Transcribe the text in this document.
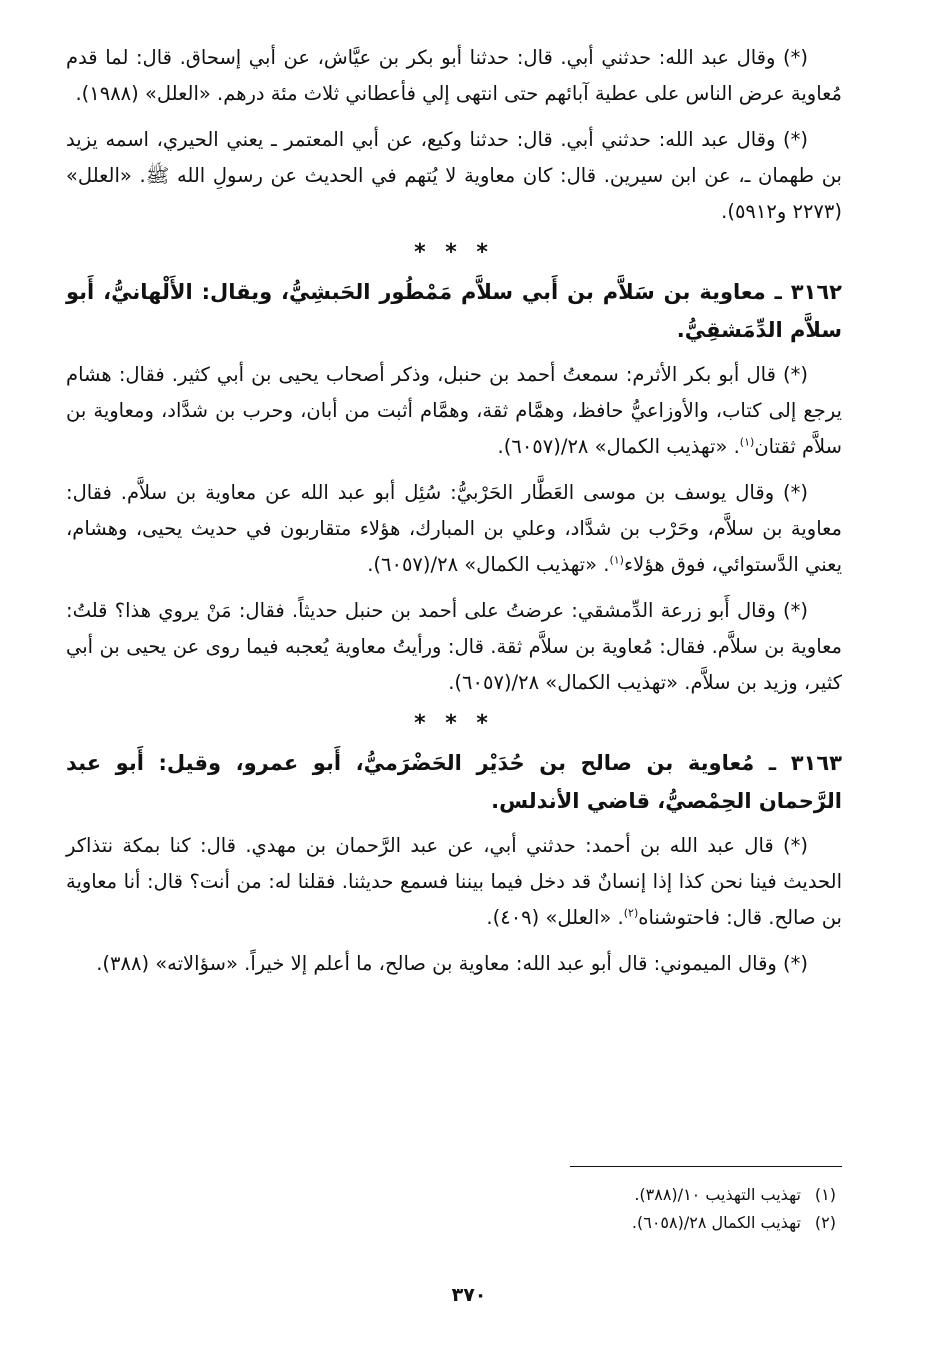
(*) وقال عبد الله: حدثني أبي. قال: حدثنا أبو بكر بن عيَّاش، عن أبي إسحاق. قال: لما قدم مُعاوية عرض الناس على عطية آبائهم حتى انتهى إلي فأعطاني ثلاث مئة درهم. «العلل» (١٩٨٨).

(*) وقال عبد الله: حدثني أبي. قال: حدثنا وكيع، عن أبي المعتمر ـ يعني الحيري، اسمه يزيد بن طهمان ـ، عن ابن سيرين. قال: كان معاوية لا يُتهم في الحديث عن رسولِ الله ﷺ. «العلل» (٢٢٧٣ و٥٩١٢).

* * *
٣١٦٢ ـ معاوية بن سَلاَّم بن أَبي سلاَّم مَمْطُور الحَبشِيُّ، ويقال: الأَلْهانيُّ، أَبو سلاَّم الدِّمَشقِيُّ.

(*) قال أبو بكر الأثرم: سمعتُ أحمد بن حنبل، وذكر أصحاب يحيى بن أبي كثير. فقال: هشام يرجع إلى كتاب، والأوزاعيُّ حافظ، وهمَّام ثقة، وهمَّام أثبت من أبان، وحرب بن شدَّاد، ومعاوية بن سلاَّم ثقتان$^{(١)}$. «تهذيب الكمال» ٢٨/(٦٠٥٧).

(*) وقال يوسف بن موسى العَطَّار الحَرْبيُّ: سُئِل أبو عبد الله عن معاوية بن سلاَّم. فقال: معاوية بن سلاَّم، وحَرْب بن شدَّاد، وعلي بن المبارك، هؤلاء متقاربون في حديث يحيى، وهشام، يعني الدَّستوائي، فوق هؤلاء$^{(١)}$. «تهذيب الكمال» ٢٨/(٦٠٥٧).

(*) وقال أَبو زرعة الدِّمشقي: عرضتُ على أحمد بن حنبل حديثاً. فقال: مَنْ يروي هذا؟ قلتُ: معاوية بن سلاَّم. فقال: مُعاوية بن سلاَّم ثقة. قال: ورأيتُ معاوية يُعجبه فيما روى عن يحيى بن أبي كثير، وزيد بن سلاَّم. «تهذيب الكمال» ٢٨/(٦٠٥٧).

* * *
٣١٦٣ ـ مُعاوية بن صالح بن حُدَيْر الحَضْرَميُّ، أَبو عمرو، وقيل: أَبو عبد الرَّحمان الحِمْصيُّ، قاضي الأندلس.

(*) قال عبد الله بن أحمد: حدثني أبي، عن عبد الرَّحمان بن مهدي. قال: كنا بمكة نتذاكر الحديث فينا نحن كذا إذا إنسانٌ قد دخل فيما بيننا فسمع حديثنا. فقلنا له: من أنت؟ قال: أنا معاوية بن صالح. قال: فاحتوشناه$^{(٢)}$. «العلل» (٤٠٩).

(*) وقال الميموني: قال أبو عبد الله: معاوية بن صالح، ما أعلم إلا خيراً. «سؤالاته» (٣٨٨).

(١) تهذيب التهذيب ١٠/(٣٨٨).
(٢) تهذيب الكمال ٢٨/(٦٠٥٨).
٣٧٠
